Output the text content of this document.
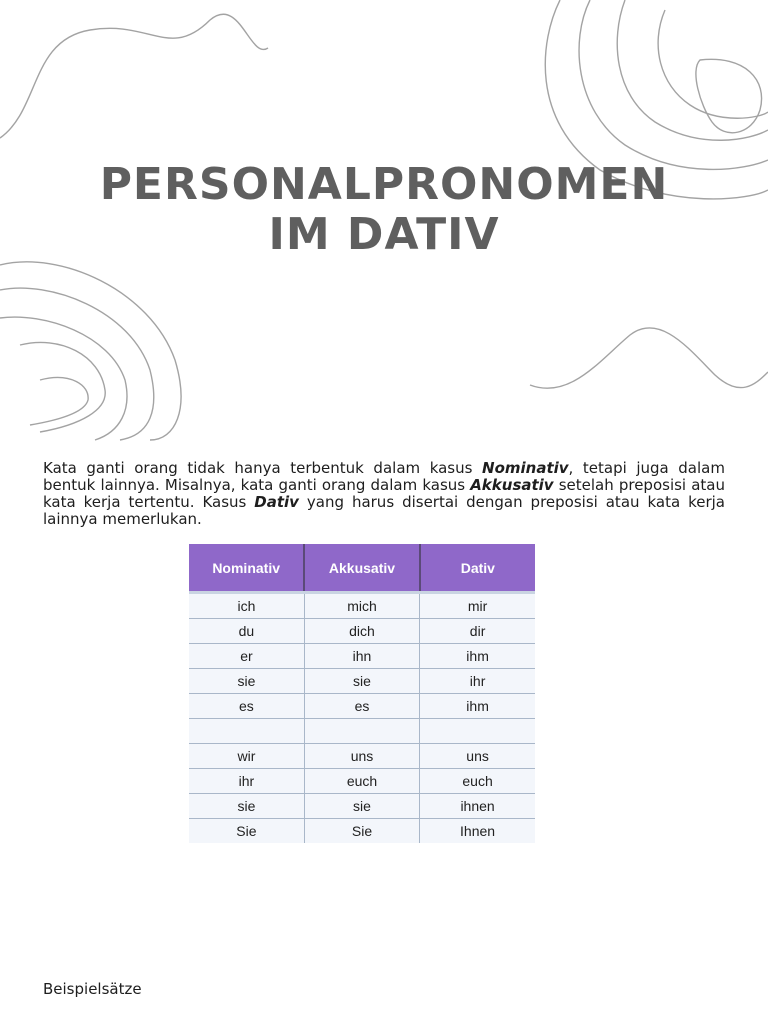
PERSONALPRONOMEN
IM DATIV
Kata ganti orang tidak hanya terbentuk dalam kasus Nominativ, tetapi juga dalam bentuk lainnya. Misalnya, kata ganti orang dalam kasus Akkusativ setelah preposisi atau kata kerja tertentu. Kasus Dativ yang harus disertai dengan preposisi atau kata kerja lainnya memerlukan.
Nominativ	Akkusativ	Dativ
ich	mich	mir
du	dich	dir
er	ihn	ihm
sie	sie	ihr
es	es	ihm

wir	uns	uns
ihr	euch	euch
sie	sie	ihnen
Sie	Sie	Ihnen
Beispielsätze
